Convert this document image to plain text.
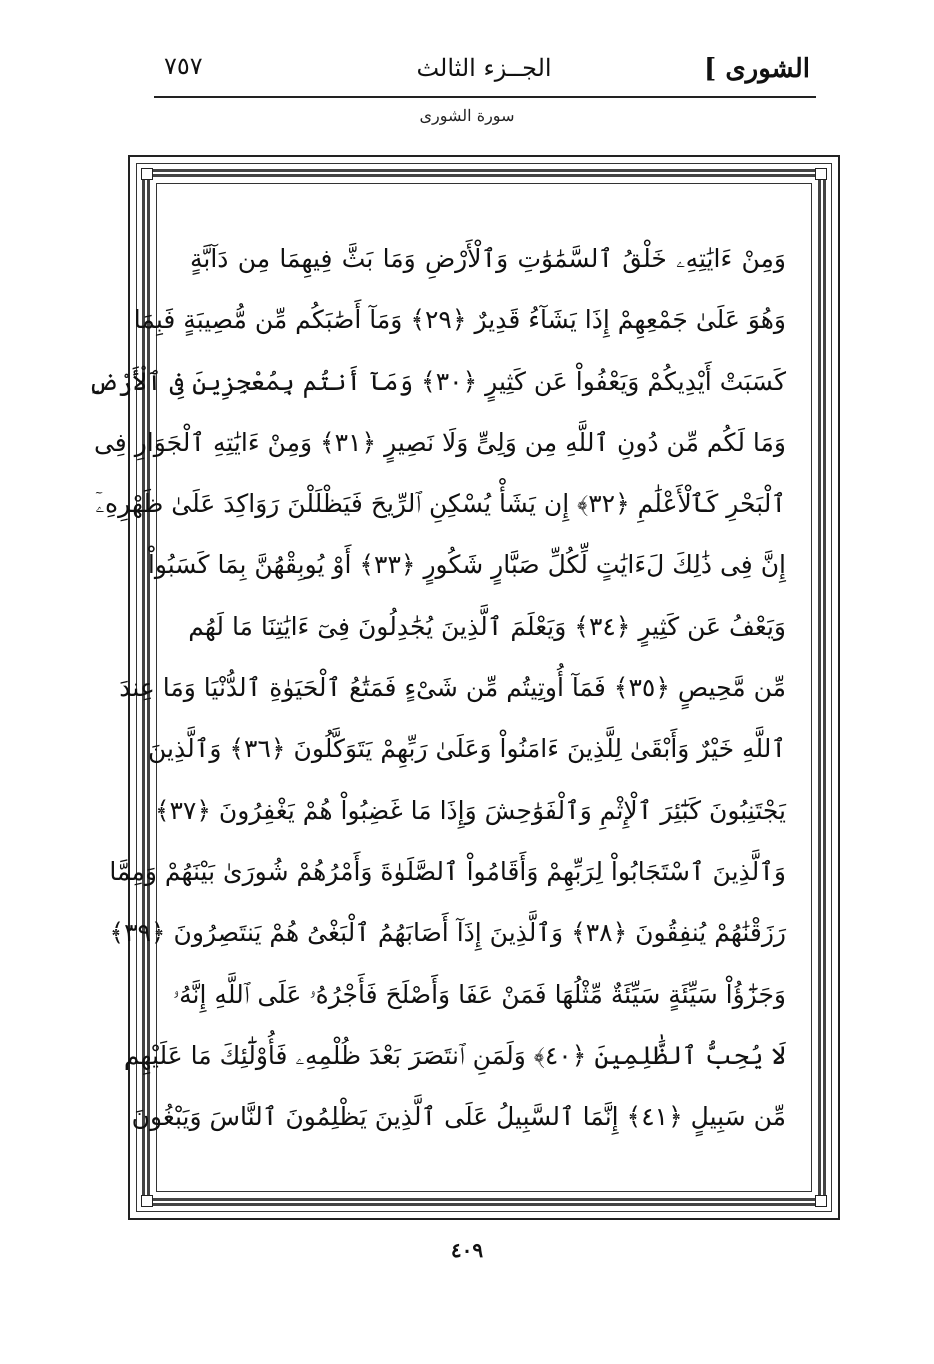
الشورى ]
الجــزء الثالث
٧٥٧
سورة الشورى
وَمِنْ ءَايَٰتِهِۦ خَلْقُ ٱلسَّمَٰوَٰتِ وَٱلْأَرْضِ وَمَا بَثَّ فِيهِمَا مِن دَآبَّةٍ
وَهُوَ عَلَىٰ جَمْعِهِمْ إِذَا يَشَآءُ قَدِيرٌ ﴿٢٩﴾ وَمَآ أَصَٰبَكُم مِّن مُّصِيبَةٍ فَبِمَا
كَسَبَتْ أَيْدِيكُمْ وَيَعْفُواْ عَن كَثِيرٍ ﴿٣٠﴾ وَمَآ أَنتُم بِمُعْجِزِينَ فِى ٱلْأَرْضِ
وَمَا لَكُم مِّن دُونِ ٱللَّهِ مِن وَلِىٍّ وَلَا نَصِيرٍ ﴿٣١﴾ وَمِنْ ءَايَٰتِهِ ٱلْجَوَارِ فِى
ٱلْبَحْرِ كَٱلْأَعْلَٰمِ ﴿٣٢﴾ إِن يَشَأْ يُسْكِنِ ٱلرِّيحَ فَيَظْلَلْنَ رَوَاكِدَ عَلَىٰ ظَهْرِهِۦٓ
إِنَّ فِى ذَٰلِكَ لَءَايَٰتٍ لِّكُلِّ صَبَّارٍ شَكُورٍ ﴿٣٣﴾ أَوْ يُوبِقْهُنَّ بِمَا كَسَبُواْ
وَيَعْفُ عَن كَثِيرٍ ﴿٣٤﴾ وَيَعْلَمَ ٱلَّذِينَ يُجَٰدِلُونَ فِىٓ ءَايَٰتِنَا مَا لَهُم
مِّن مَّحِيصٍ ﴿٣٥﴾ فَمَآ أُوتِيتُم مِّن شَىْءٍ فَمَتَٰعُ ٱلْحَيَوٰةِ ٱلدُّنْيَا وَمَا عِندَ
ٱللَّهِ خَيْرٌ وَأَبْقَىٰ لِلَّذِينَ ءَامَنُواْ وَعَلَىٰ رَبِّهِمْ يَتَوَكَّلُونَ ﴿٣٦﴾ وَٱلَّذِينَ
يَجْتَنِبُونَ كَبَٰٓئِرَ ٱلْإِثْمِ وَٱلْفَوَٰحِشَ وَإِذَا مَا غَضِبُواْ هُمْ يَغْفِرُونَ ﴿٣٧﴾
وَٱلَّذِينَ ٱسْتَجَابُواْ لِرَبِّهِمْ وَأَقَامُواْ ٱلصَّلَوٰةَ وَأَمْرُهُمْ شُورَىٰ بَيْنَهُمْ وَمِمَّا
رَزَقْنَٰهُمْ يُنفِقُونَ ﴿٣٨﴾ وَٱلَّذِينَ إِذَآ أَصَابَهُمُ ٱلْبَغْىُ هُمْ يَنتَصِرُونَ ﴿٣٩﴾
وَجَزَٰٓؤُاْ سَيِّئَةٍ سَيِّئَةٌ مِّثْلُهَا فَمَنْ عَفَا وَأَصْلَحَ فَأَجْرُهُۥ عَلَى ٱللَّهِ إِنَّهُۥ
لَا يُحِبُّ ٱلظَّٰلِمِينَ ﴿٤٠﴾ وَلَمَنِ ٱنتَصَرَ بَعْدَ ظُلْمِهِۦ فَأُوْلَٰٓئِكَ مَا عَلَيْهِم
مِّن سَبِيلٍ ﴿٤١﴾ إِنَّمَا ٱلسَّبِيلُ عَلَى ٱلَّذِينَ يَظْلِمُونَ ٱلنَّاسَ وَيَبْغُونَ
٤٠٩
